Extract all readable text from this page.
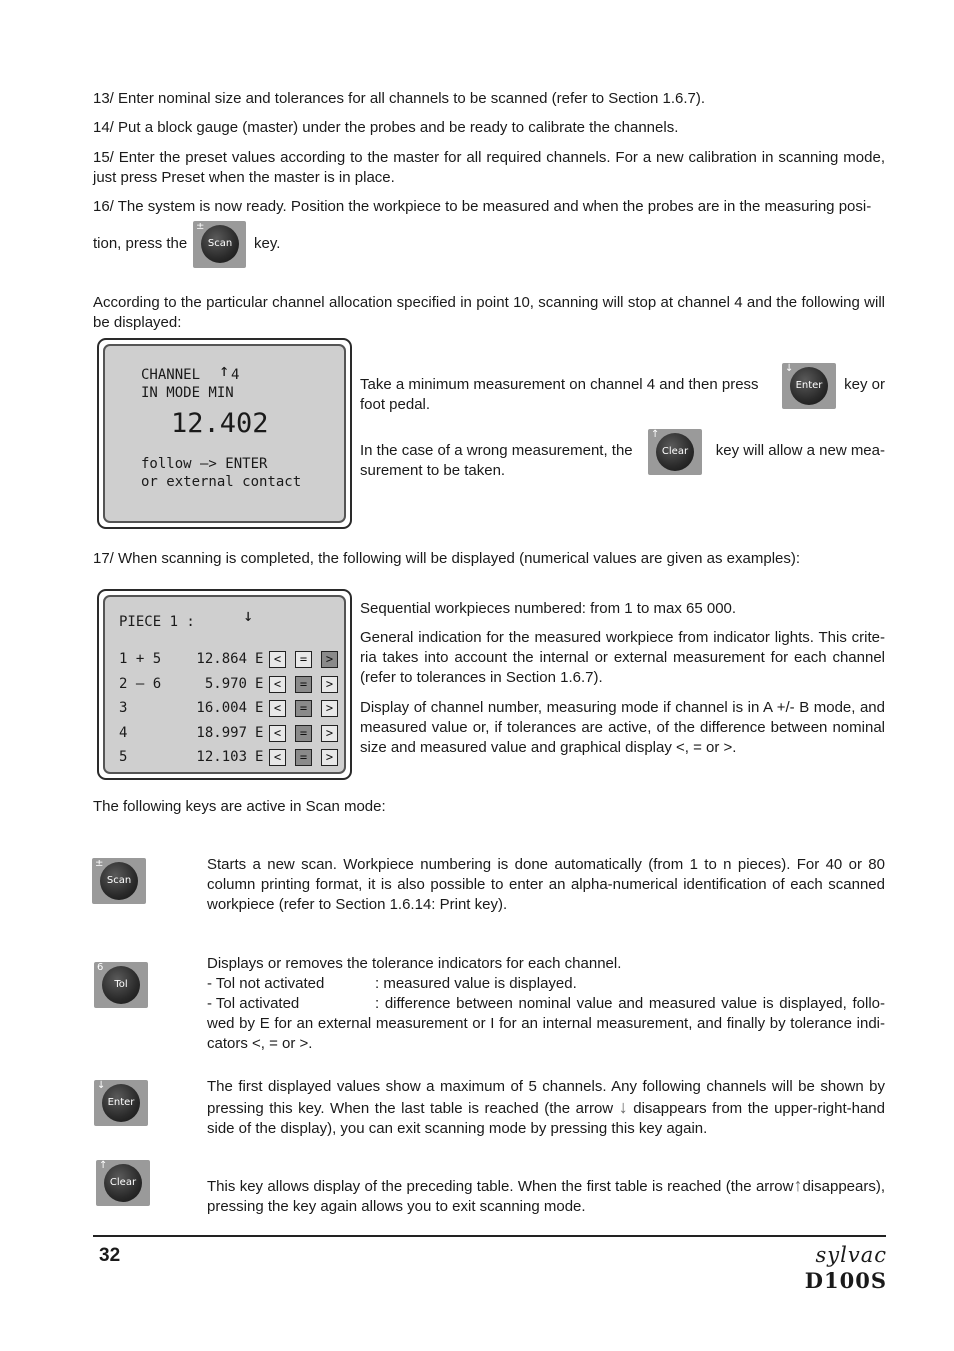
13/ Enter nominal size and tolerances for all channels to be scanned (refer to Section 1.6.7).
14/ Put a block gauge (master) under the probes and be ready to calibrate the channels.
15/ Enter the preset values according to the master for all required channels. For a new calibration in scanning mode, just press Preset when the master is in place.
16/ The system is now ready. Position the workpiece to be measured and when the probes are in the measuring posi-
tion, press the
±
Scan	key.
According to the particular channel allocation specified in point 10, scanning will stop at channel 4 and the following will be displayed:
CHANNEL ↑ 4
IN MODE MIN
12.402
follow —> ENTER
or external contact
Take a minimum measurement on channel 4 and then press
↓
Enter	key or
foot pedal.
In the case of a wrong measurement, the
↑
Clear	key will allow a new mea-
surement to be taken.
17/ When scanning is completed, the following will be displayed (numerical values are given as examples):
PIECE 1 :	↓
1 + 5	12.864 E <	=	>
2 – 6	5.970 E <	=	>
3	16.004 E <	=	>
4	18.997 E <	=	>
5	12.103 E <	=	>
Sequential workpieces numbered: from 1 to max 65 000.
General indication for the measured workpiece from indicator lights. This crite-ria takes into account the internal or external measurement for each channel (refer to tolerances in Section 1.6.7).
Display of channel number, measuring mode if channel is in A +/- B mode, and measured value or, if tolerances are active, of the difference between nominal size and measured value and graphical display <, = or >.
The following keys are active in Scan mode:
±
Scan
Starts a new scan. Workpiece numbering is done automatically (from 1 to n pieces). For 40 or 80 column printing format, it is also possible to enter an alpha-numerical identification of each scanned workpiece (refer to Section 1.6.14: Print key).
6
Tol
Displays or removes the tolerance indicators for each channel.
- Tol not activated	: measured value is displayed.
- Tol activated	: difference between nominal value and measured value is displayed, follo-
wed by E for an external measurement or I for an internal measurement, and finally by tolerance indi-cators <, = or >.
↓
Enter
The first displayed values show a maximum of 5 channels. Any following channels will be shown by pressing this key. When the last table is reached (the arrow ↓ disappears from the upper-right-hand side of the display), you can exit scanning mode by pressing this key again.
↑
Clear	This key allows display of the preceding table. When the first table is reached (the arrow↑disappears), pressing the key again allows you to exit scanning mode.
32	sylvac D100S
